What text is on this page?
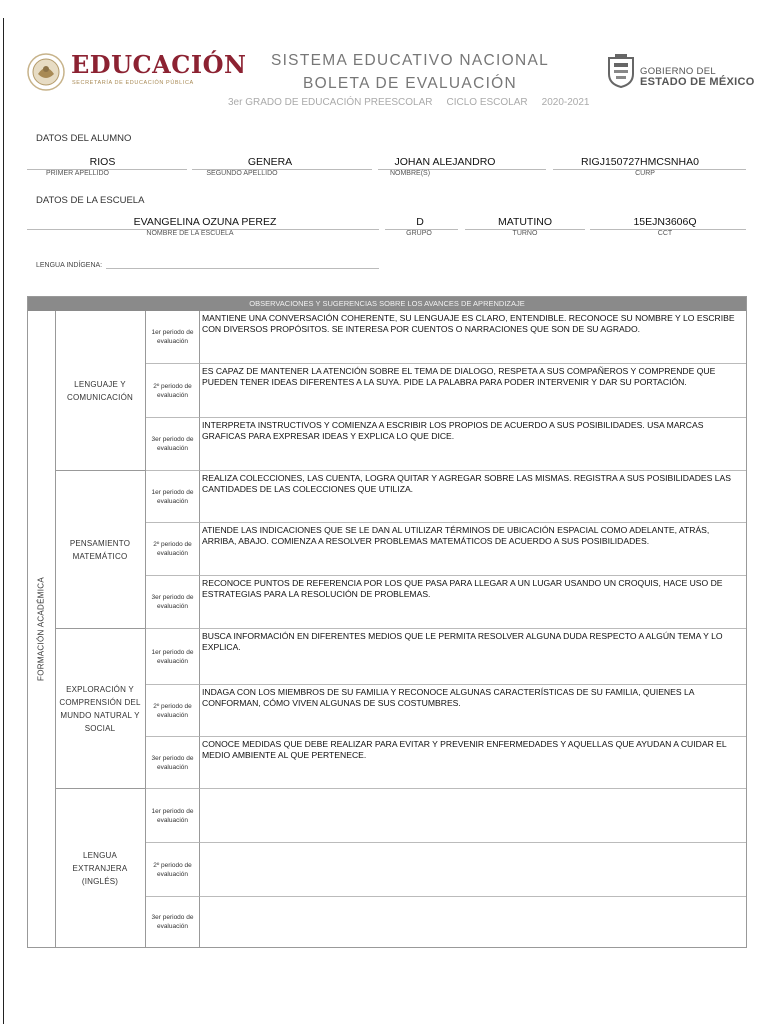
EDUCACIÓN
SECRETARÍA DE EDUCACIÓN PÚBLICA
SISTEMA EDUCATIVO NACIONAL
BOLETA DE EVALUACIÓN
3er GRADO DE EDUCACIÓN PREESCOLAR CICLO ESCOLAR 2020-2021
GOBIERNO DEL
ESTADO DE MÉXICO
DATOS DEL ALUMNO
RIOS
PRIMER APELLIDO
GENERA
SEGUNDO APELLIDO
JOHAN ALEJANDRO
NOMBRE(S)
RIGJ150727HMCSNHA0
CURP
DATOS DE LA ESCUELA
EVANGELINA OZUNA PEREZ
NOMBRE DE LA ESCUELA
D
GRUPO
MATUTINO
TURNO
15EJN3606Q
CCT
LENGUA INDÍGENA:
OBSERVACIONES Y SUGERENCIAS SOBRE LOS AVANCES DE APRENDIZAJE
FORMACIÓN ACADÉMICA
LENGUAJE Y COMUNICACIÓN
1er periodo de evaluación
MANTIENE UNA CONVERSACIÓN COHERENTE, SU LENGUAJE ES CLARO, ENTENDIBLE. RECONOCE SU NOMBRE Y LO ESCRIBE CON DIVERSOS PROPÓSITOS. SE INTERESA POR CUENTOS O NARRACIONES QUE SON DE SU AGRADO.
2º periodo de evaluación
ES CAPAZ DE MANTENER LA ATENCIÓN SOBRE EL TEMA DE DIALOGO, RESPETA A SUS COMPAÑEROS Y COMPRENDE QUE PUEDEN TENER IDEAS DIFERENTES A LA SUYA. PIDE LA PALABRA PARA PODER INTERVENIR Y DAR SU PORTACIÓN.
3er periodo de evaluación
INTERPRETA INSTRUCTIVOS Y COMIENZA A ESCRIBIR LOS PROPIOS DE ACUERDO A SUS POSIBILIDADES. USA MARCAS GRAFICAS PARA EXPRESAR IDEAS Y EXPLICA LO QUE DICE.
PENSAMIENTO MATEMÁTICO
1er periodo de evaluación
REALIZA COLECCIONES, LAS CUENTA, LOGRA QUITAR Y AGREGAR SOBRE LAS MISMAS. REGISTRA A SUS POSIBILIDADES LAS CANTIDADES DE LAS COLECCIONES QUE UTILIZA.
2º periodo de evaluación
ATIENDE LAS INDICACIONES QUE SE LE DAN AL UTILIZAR TÉRMINOS DE UBICACIÓN ESPACIAL COMO ADELANTE, ATRÁS, ARRIBA, ABAJO. COMIENZA A RESOLVER PROBLEMAS MATEMÁTICOS DE ACUERDO A SUS POSIBILIDADES.
3er periodo de evaluación
RECONOCE PUNTOS DE REFERENCIA POR LOS QUE PASA PARA LLEGAR A UN LUGAR USANDO UN CROQUIS, HACE USO DE ESTRATEGIAS PARA LA RESOLUCIÓN DE PROBLEMAS.
EXPLORACIÓN Y COMPRENSIÓN DEL MUNDO NATURAL Y SOCIAL
1er periodo de evaluación
BUSCA INFORMACIÓN EN DIFERENTES MEDIOS QUE LE PERMITA RESOLVER ALGUNA DUDA RESPECTO A ALGÚN TEMA Y LO EXPLICA.
2º periodo de evaluación
INDAGA CON LOS MIEMBROS DE SU FAMILIA Y RECONOCE ALGUNAS CARACTERÍSTICAS DE SU FAMILIA, QUIENES LA CONFORMAN, CÓMO VIVEN ALGUNAS DE SUS COSTUMBRES.
3er periodo de evaluación
CONOCE MEDIDAS QUE DEBE REALIZAR PARA EVITAR Y PREVENIR ENFERMEDADES Y AQUELLAS QUE AYUDAN A CUIDAR EL MEDIO AMBIENTE AL QUE PERTENECE.
LENGUA EXTRANJERA (INGLÉS)
1er periodo de evaluación
2º periodo de evaluación
3er periodo de evaluación
